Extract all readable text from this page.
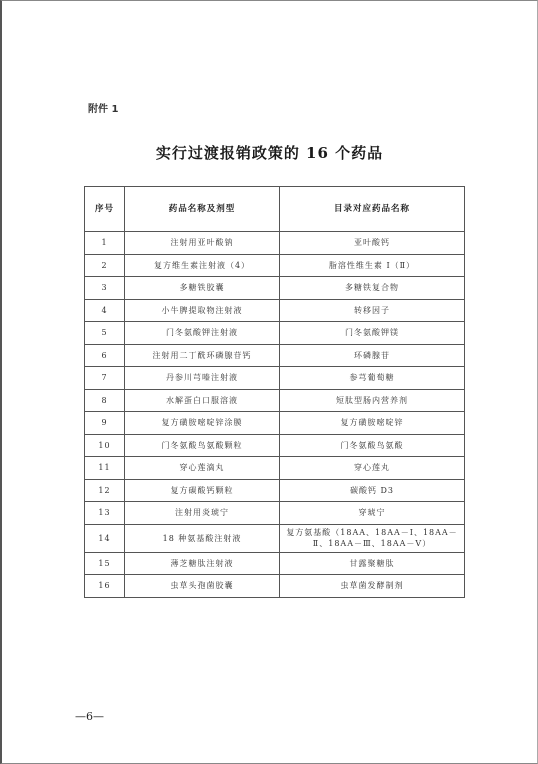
附件 1
实行过渡报销政策的 16 个药品
序号	药品名称及剂型	目录对应药品名称
1	注射用亚叶酸钠	亚叶酸钙
2	复方维生素注射液（4）	脂溶性维生素 I（Ⅱ）
3	多糖铁胶囊	多糖铁复合物
4	小牛脾提取物注射液	转移因子
5	门冬氨酸钾注射液	门冬氨酸钾镁
6	注射用二丁酰环磷腺苷钙	环磷腺苷
7	丹参川芎嗪注射液	参芎葡萄糖
8	水解蛋白口服溶液	短肽型肠内营养剂
9	复方磺胺嘧啶锌涂膜	复方磺胺嘧啶锌
10	门冬氨酸鸟氨酸颗粒	门冬氨酸鸟氨酸
11	穿心莲滴丸	穿心莲丸
12	复方碳酸钙颗粒	碳酸钙 D3
13	注射用炎琥宁	穿琥宁
14	18 种氨基酸注射液	复方氨基酸（18AA、18AA－Ⅰ、18AA－Ⅱ、18AA－Ⅲ、18AA－Ⅴ）
15	薄芝糖肽注射液	甘露聚糖肽
16	虫草头孢菌胶囊	虫草菌发酵制剂
—6—
